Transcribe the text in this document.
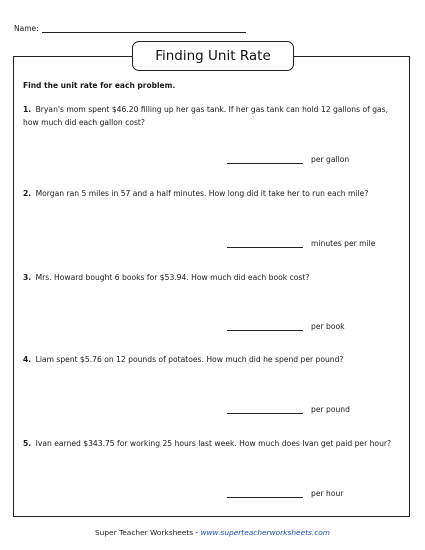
Name:
Finding Unit Rate
Find the unit rate for each problem.
1. Bryan's mom spent $46.20 filling up her gas tank. If her gas tank can hold 12 gallons of gas, how much did each gallon cost?
per gallon
2. Morgan ran 5 miles in 57 and a half minutes. How long did it take her to run each mile?
minutes per mile
3. Mrs. Howard bought 6 books for $53.94. How much did each book cost?
per book
4. Liam spent $5.76 on 12 pounds of potatoes. How much did he spend per pound?
per pound
5. Ivan earned $343.75 for working 25 hours last week. How much does Ivan get paid per hour?
per hour
Super Teacher Worksheets - www.superteacherworksheets.com
